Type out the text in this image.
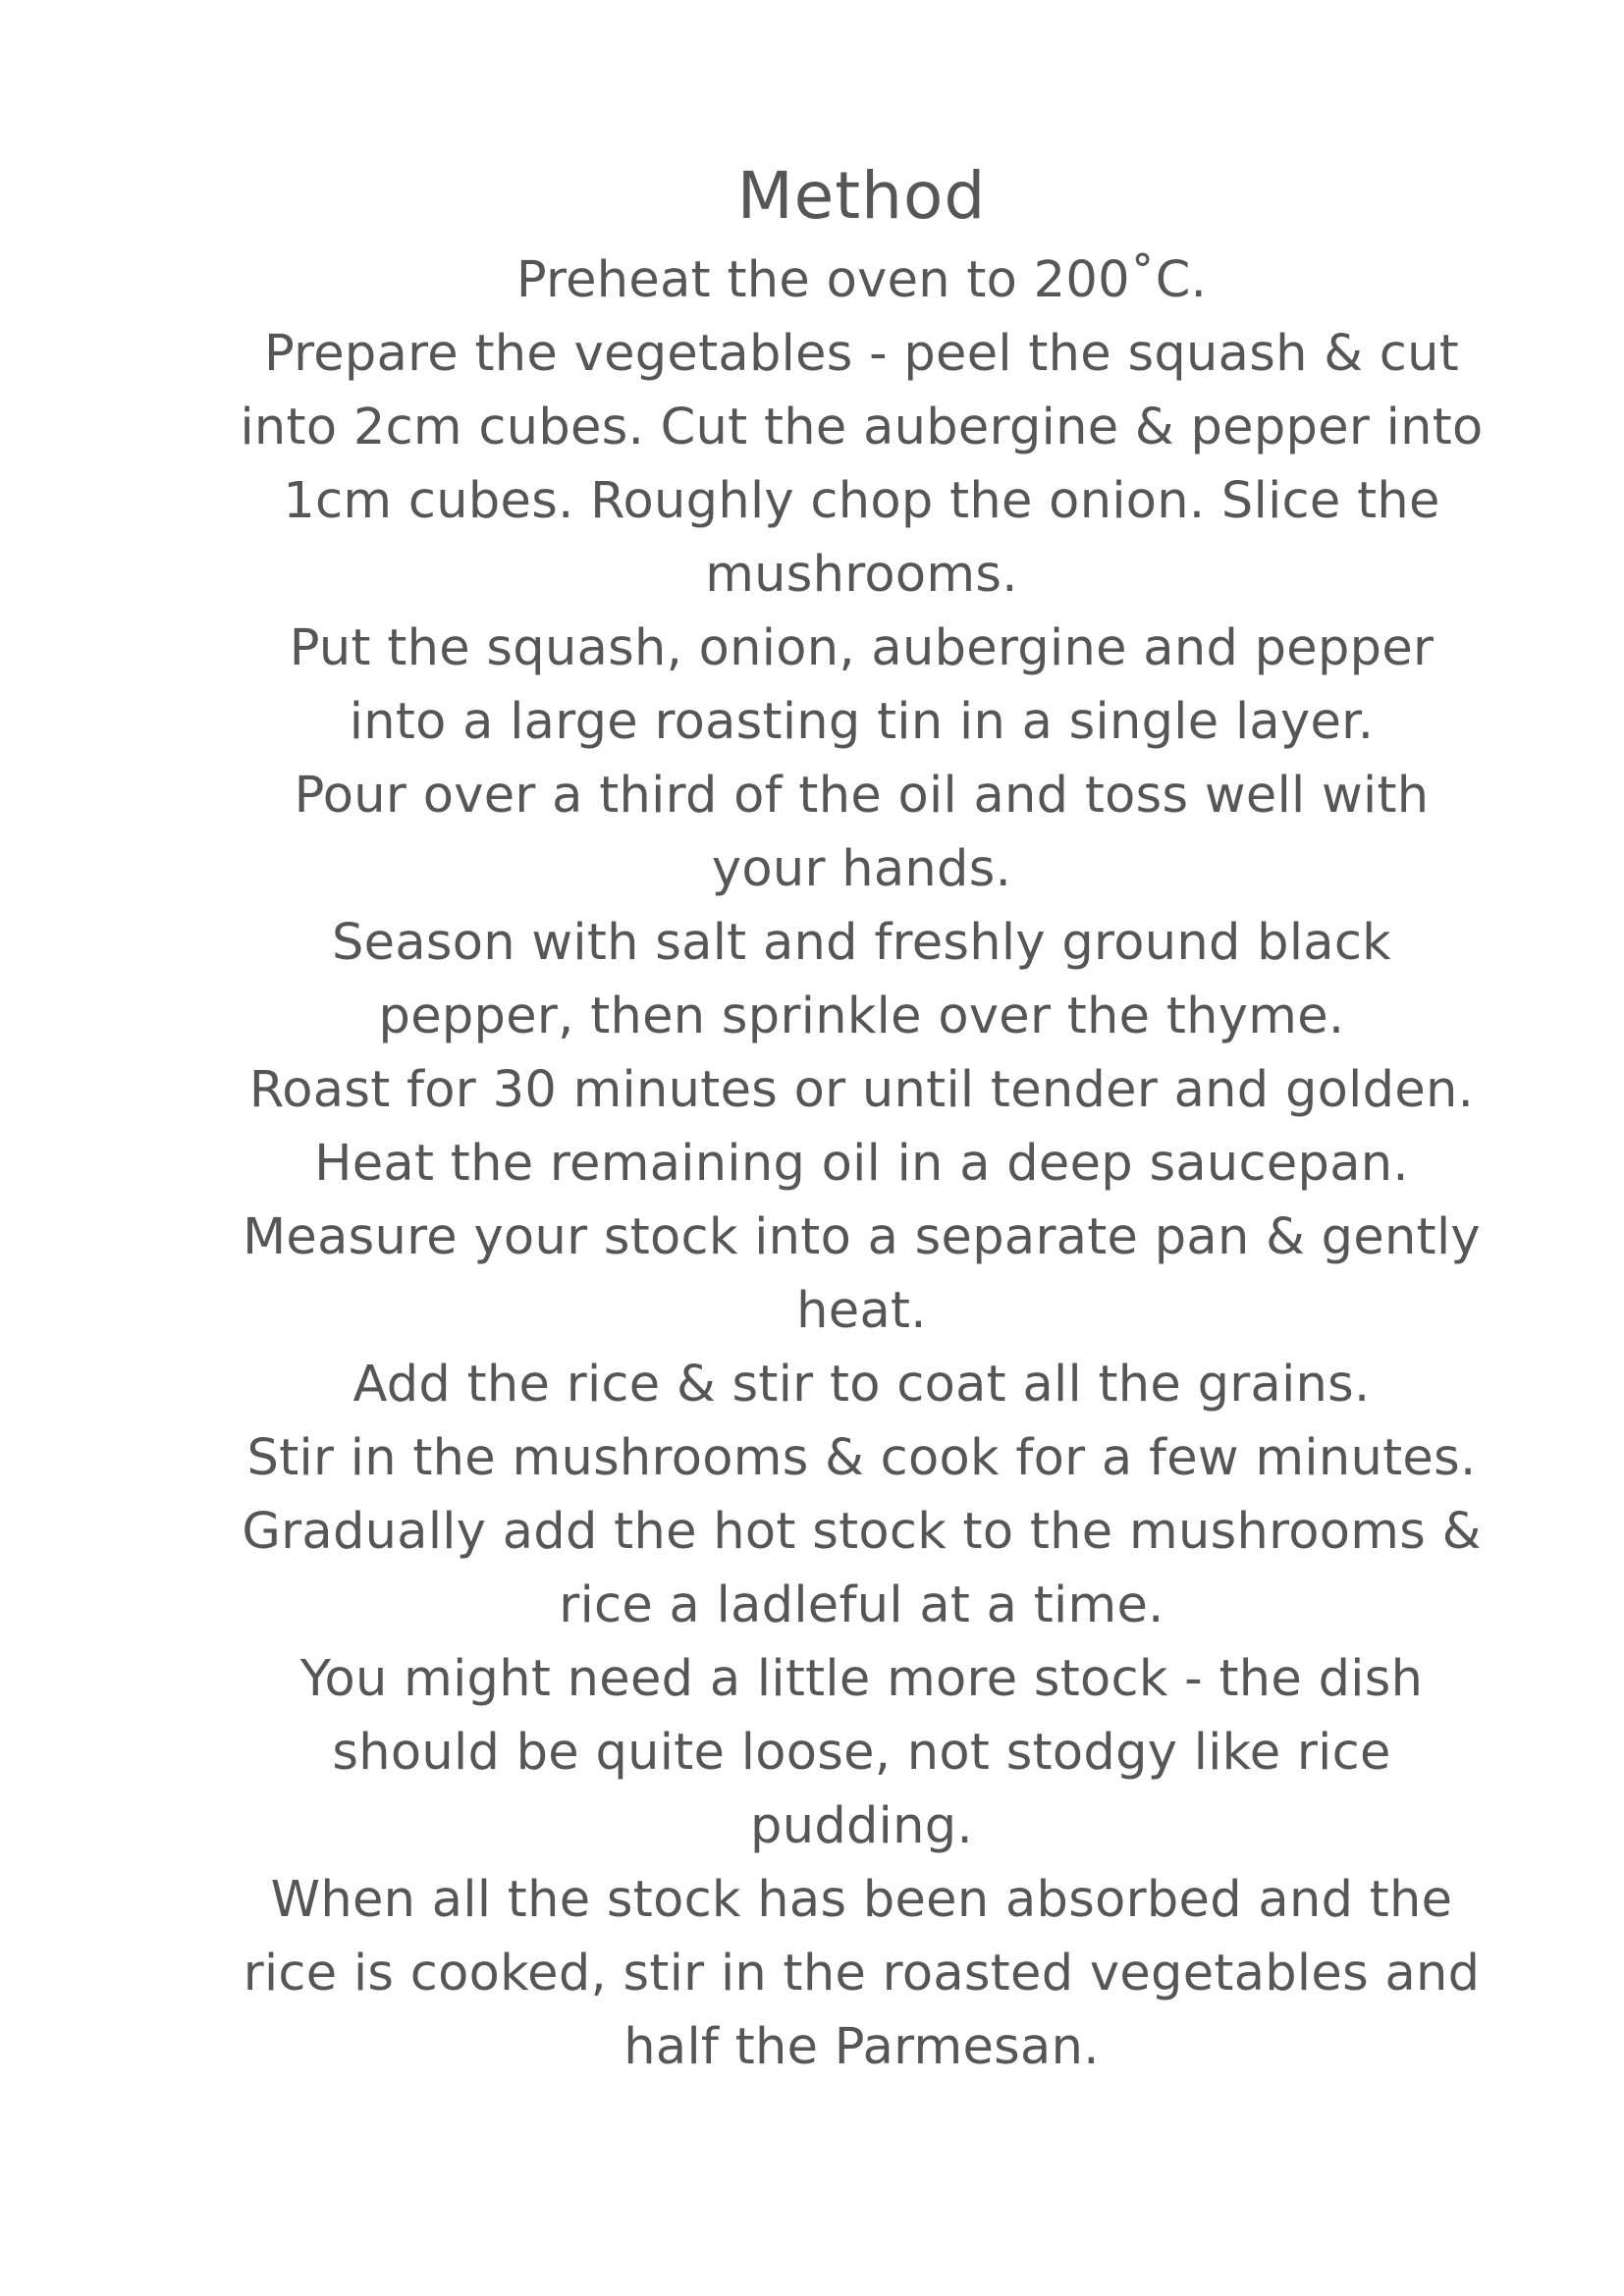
Method

Preheat the oven to 200˚C.

Prepare the vegetables - peel the squash & cut

into 2cm cubes. Cut the aubergine & pepper into

1cm cubes. Roughly chop the onion. Slice the

mushrooms.

Put the squash, onion, aubergine and pepper

into a large roasting tin in a single layer.

Pour over a third of the oil and toss well with

your hands.

Season with salt and freshly ground black

pepper, then sprinkle over the thyme.

Roast for 30 minutes or until tender and golden.

Heat the remaining oil in a deep saucepan.

Measure your stock into a separate pan & gently

heat.

Add the rice & stir to coat all the grains.

Stir in the mushrooms & cook for a few minutes.

Gradually add the hot stock to the mushrooms &

rice a ladleful at a time.

You might need a little more stock - the dish

should be quite loose, not stodgy like rice

pudding.

When all the stock has been absorbed and the

rice is cooked, stir in the roasted vegetables and

half the Parmesan.
